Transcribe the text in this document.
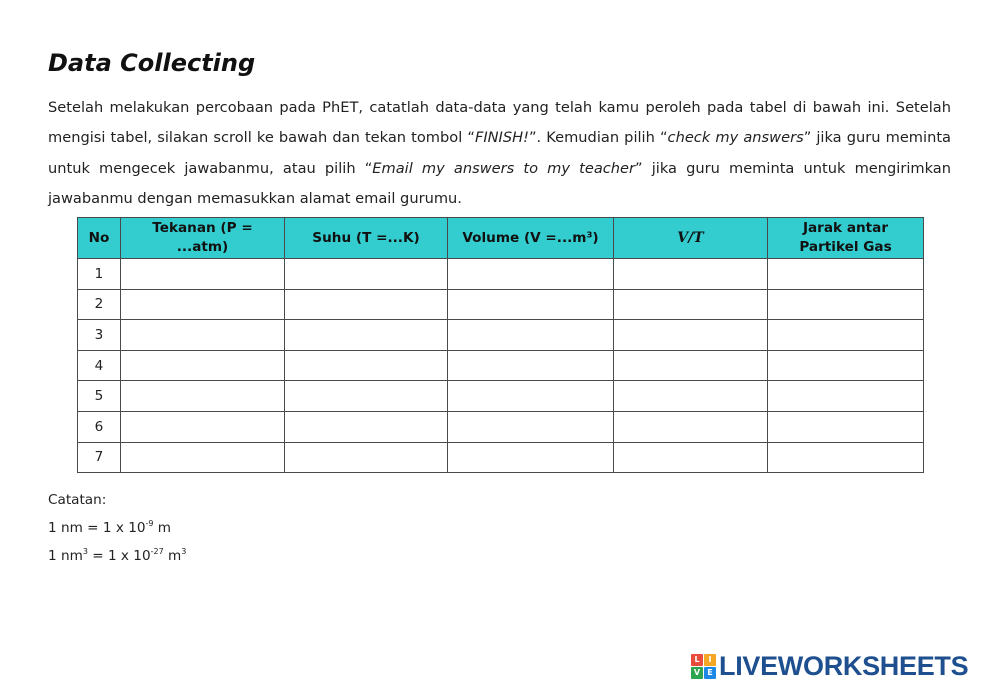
Data Collecting
Setelah melakukan percobaan pada PhET, catatlah data-data yang telah kamu peroleh pada tabel di bawah ini. Setelah mengisi tabel, silakan scroll ke bawah dan tekan tombol “FINISH!”. Kemudian pilih “check my answers” jika guru meminta untuk mengecek jawabanmu, atau pilih “Email my answers to my teacher” jika guru meminta untuk mengirimkan jawabanmu dengan memasukkan alamat email gurumu.
No	Tekanan (P = ...atm)	Suhu (T =...K)	Volume (V =...m³)	V/T	Jarak antar Partikel Gas
1					
2					
3					
4					
5					
6					
7					
Catatan:
1 nm = 1 x $10^{-9}$ m
1 $nm^3 = 1$ x $10^{-27}$ $m^3$
L	I
V E LIVEWORKSHEETS
